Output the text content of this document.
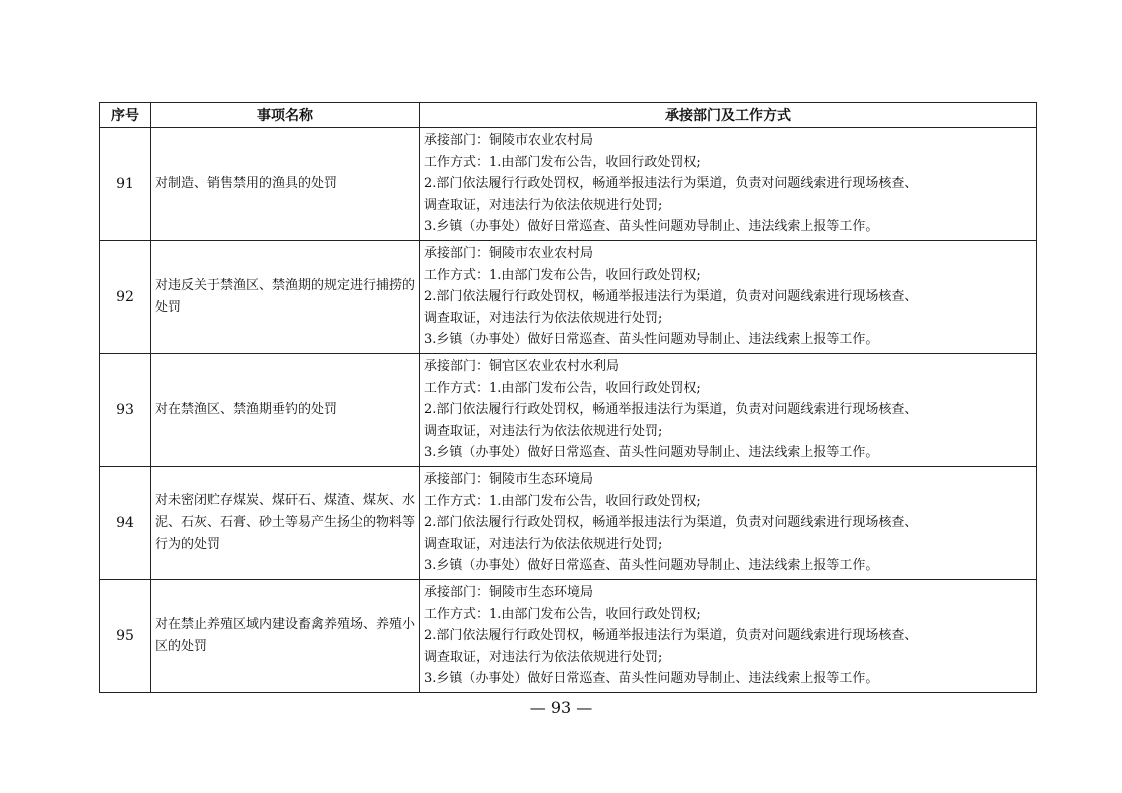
序号	事项名称	承接部门及工作方式
91	对制造、销售禁用的渔具的处罚	承接部门：铜陵市农业农村局
工作方式：1.由部门发布公告，收回行政处罚权;
2.部门依法履行行政处罚权，畅通举报违法行为渠道，负责对问题线索进行现场核查、
调查取证，对违法行为依法依规进行处罚;
3.乡镇（办事处）做好日常巡查、苗头性问题劝导制止、违法线索上报等工作。

92	对违反关于禁渔区、禁渔期的规定进行捕捞的处罚	承接部门：铜陵市农业农村局
工作方式：1.由部门发布公告，收回行政处罚权;
2.部门依法履行行政处罚权，畅通举报违法行为渠道，负责对问题线索进行现场核查、
调查取证，对违法行为依法依规进行处罚;
3.乡镇（办事处）做好日常巡查、苗头性问题劝导制止、违法线索上报等工作。

93	对在禁渔区、禁渔期垂钓的处罚	承接部门：铜官区农业农村水利局
工作方式：1.由部门发布公告，收回行政处罚权;
2.部门依法履行行政处罚权，畅通举报违法行为渠道，负责对问题线索进行现场核查、
调查取证，对违法行为依法依规进行处罚;
3.乡镇（办事处）做好日常巡查、苗头性问题劝导制止、违法线索上报等工作。

94	对未密闭贮存煤炭、煤矸石、煤渣、煤灰、水泥、石灰、石膏、砂土等易产生扬尘的物料等行为的处罚	承接部门：铜陵市生态环境局
工作方式：1.由部门发布公告，收回行政处罚权;
2.部门依法履行行政处罚权，畅通举报违法行为渠道，负责对问题线索进行现场核查、
调查取证，对违法行为依法依规进行处罚;
3.乡镇（办事处）做好日常巡查、苗头性问题劝导制止、违法线索上报等工作。

95	对在禁止养殖区域内建设畜禽养殖场、养殖小区的处罚	承接部门：铜陵市生态环境局
工作方式：1.由部门发布公告，收回行政处罚权;
2.部门依法履行行政处罚权，畅通举报违法行为渠道，负责对问题线索进行现场核查、
调查取证，对违法行为依法依规进行处罚;
3.乡镇（办事处）做好日常巡查、苗头性问题劝导制止、违法线索上报等工作。
— 93 —
